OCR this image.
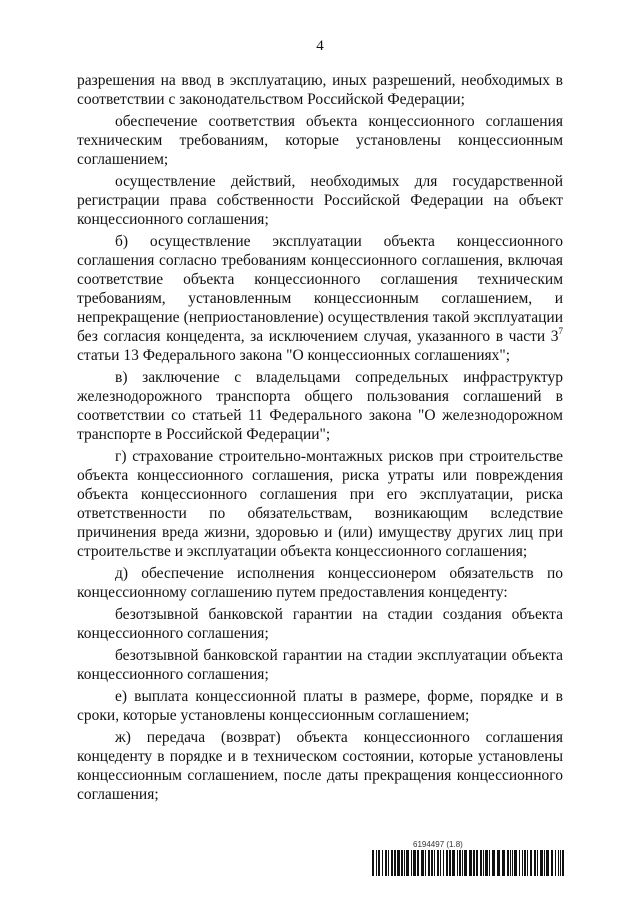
4

разрешения на ввод в эксплуатацию, иных разрешений, необходимых в соответствии с законодательством Российской Федерации;

обеспечение соответствия объекта концессионного соглашения техническим требованиям, которые установлены концессионным соглашением;

осуществление действий, необходимых для государственной регистрации права собственности Российской Федерации на объект концессионного соглашения;

б) осуществление эксплуатации объекта концессионного соглашения согласно требованиям концессионного соглашения, включая соответствие объекта концессионного соглашения техническим требованиям, установленным концессионным соглашением, и непрекращение (неприостановление) осуществления такой эксплуатации без согласия концедента, за исключением случая, указанного в части $3^7$ статьи 13 Федерального закона "О концессионных соглашениях";

в) заключение с владельцами сопредельных инфраструктур железнодорожного транспорта общего пользования соглашений в соответствии со статьей 11 Федерального закона "О железнодорожном транспорте в Российской Федерации";

г) страхование строительно-монтажных рисков при строительстве объекта концессионного соглашения, риска утраты или повреждения объекта концессионного соглашения при его эксплуатации, риска ответственности по обязательствам, возникающим вследствие причинения вреда жизни, здоровью и (или) имуществу других лиц при строительстве и эксплуатации объекта концессионного соглашения;

д) обеспечение исполнения концессионером обязательств по концессионному соглашению путем предоставления концеденту:

безотзывной банковской гарантии на стадии создания объекта концессионного соглашения;

безотзывной банковской гарантии на стадии эксплуатации объекта концессионного соглашения;

е) выплата концессионной платы в размере, форме, порядке и в сроки, которые установлены концессионным соглашением;

ж) передача (возврат) объекта концессионного соглашения концеденту в порядке и в техническом состоянии, которые установлены концессионным соглашением, после даты прекращения концессионного соглашения;

6194497 (1.8)
